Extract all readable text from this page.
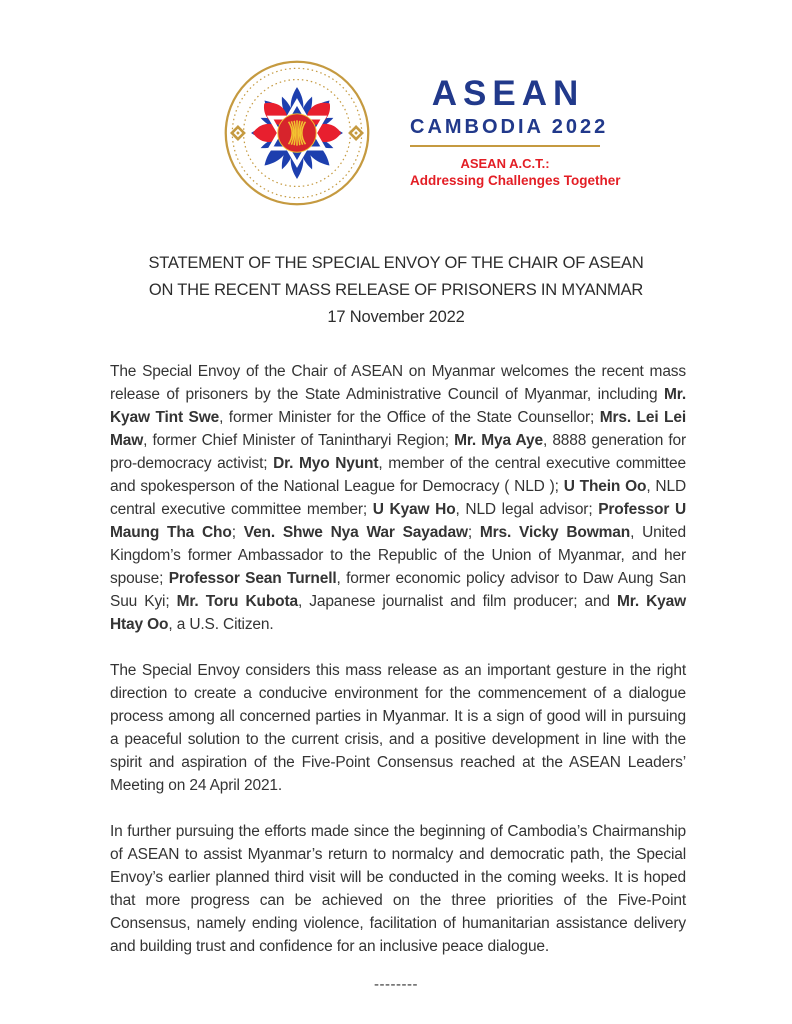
ASEAN
CAMBODIA 2022
ASEAN A.C.T.:
Addressing Challenges Together
STATEMENT OF THE SPECIAL ENVOY OF THE CHAIR OF ASEAN
ON THE RECENT MASS RELEASE OF PRISONERS IN MYANMAR
17 November 2022

The Special Envoy of the Chair of ASEAN on Myanmar welcomes the recent mass release of prisoners by the State Administrative Council of Myanmar, including Mr. Kyaw Tint Swe, former Minister for the Office of the State Counsellor; Mrs. Lei Lei Maw, former Chief Minister of Tanintharyi Region; Mr. Mya Aye, 8888 generation for pro-democracy activist; Dr. Myo Nyunt, member of the central executive committee and spokesperson of the National League for Democracy ( NLD ); U Thein Oo, NLD central executive committee member; U Kyaw Ho, NLD legal advisor; Professor U Maung Tha Cho; Ven. Shwe Nya War Sayadaw; Mrs. Vicky Bowman, United Kingdom’s former Ambassador to the Republic of the Union of Myanmar, and her spouse; Professor Sean Turnell, former economic policy advisor to Daw Aung San Suu Kyi; Mr. Toru Kubota, Japanese journalist and film producer; and Mr. Kyaw Htay Oo, a U.S. Citizen.

The Special Envoy considers this mass release as an important gesture in the right direction to create a conducive environment for the commencement of a dialogue process among all concerned parties in Myanmar. It is a sign of good will in pursuing a peaceful solution to the current crisis, and a positive development in line with the spirit and aspiration of the Five-Point Consensus reached at the ASEAN Leaders’ Meeting on 24 April 2021.

In further pursuing the efforts made since the beginning of Cambodia’s Chairmanship of ASEAN to assist Myanmar’s return to normalcy and democratic path, the Special Envoy’s earlier planned third visit will be conducted in the coming weeks. It is hoped that more progress can be achieved on the three priorities of the Five-Point Consensus, namely ending violence, facilitation of humanitarian assistance delivery and building trust and confidence for an inclusive peace dialogue.

--------
